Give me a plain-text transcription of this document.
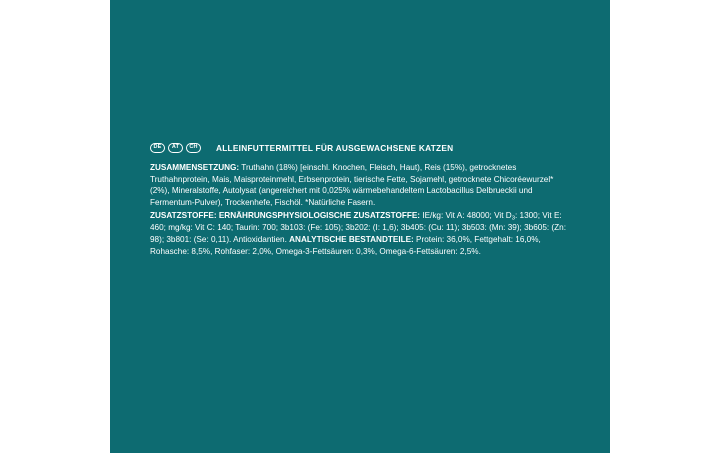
DE	AT	CH	ALLEINFUTTERMITTEL FÜR AUSGEWACHSENE KATZEN

ZUSAMMENSETZUNG: Truthahn (18%) [einschl. Knochen, Fleisch, Haut), Reis (15%), getrocknetes Truthahnprotein, Mais, Maisproteinmehl, Erbsenprotein, tierische Fette, Sojamehl, getrocknete Chicoréewurzel* (2%), Mineralstoffe, Autolysat (angereichert mit 0,025% wärmebehandeltem Lactobacillus Delbrueckii und Fermentum-Pulver), Trockenhefe, Fischöl. *Natürliche Fasern.

ZUSATZSTOFFE: ERNÄHRUNGSPHYSIOLOGISCHE ZUSATZSTOFFE: IE/kg: Vit A: 48000; Vit $D_3$: 1300; Vit E: 460; mg/kg: Vit C: 140; Taurin: 700; 3b103: (Fe: 105); 3b202: (I: 1,6); 3b405: (Cu: 11); 3b503: (Mn: 39); 3b605: (Zn: 98); 3b801: (Se: 0,11). Antioxidantien. ANALYTISCHE BESTANDTEILE: Protein: 36,0%, Fettgehalt: 16,0%, Rohasche: 8,5%, Rohfaser: 2,0%, Omega-3-Fettsäuren: 0,3%, Omega-6-Fettsäuren: 2,5%.
